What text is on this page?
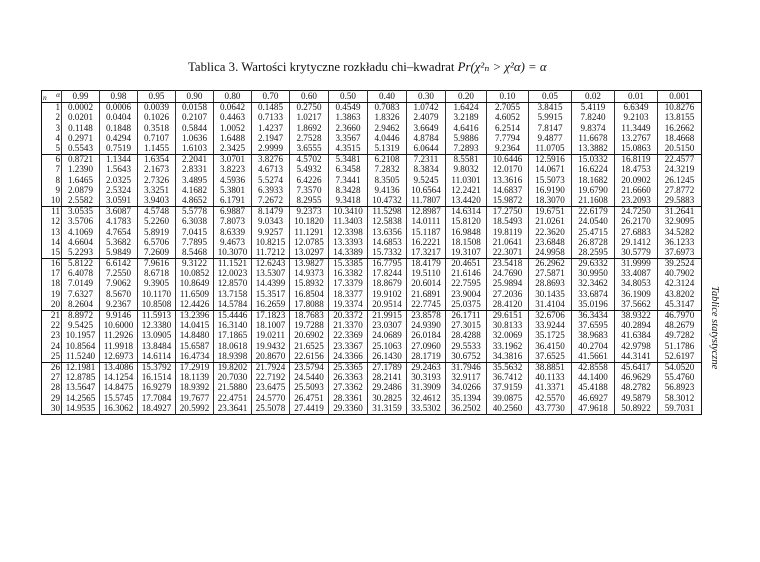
Tablica 3. Wartości krytyczne rozkładu chi–kwadrat Pr(χ²ₙ > χ²α) = α
α
n	0.99	0.98	0.95	0.90	0.80	0.70	0.60	0.50	0.40	0.30	0.20	0.10	0.05	0.02	0.01	0.001
1	0.0002	0.0006	0.0039	0.0158	0.0642	0.1485	0.2750	0.4549	0.7083	1.0742	1.6424	2.7055	3.8415	5.4119	6.6349	10.8276
2	0.0201	0.0404	0.1026	0.2107	0.4463	0.7133	1.0217	1.3863	1.8326	2.4079	3.2189	4.6052	5.9915	7.8240	9.2103	13.8155
3	0.1148	0.1848	0.3518	0.5844	1.0052	1.4237	1.8692	2.3660	2.9462	3.6649	4.6416	6.2514	7.8147	9.8374	11.3449	16.2662
4	0.2971	0.4294	0.7107	1.0636	1.6488	2.1947	2.7528	3.3567	4.0446	4.8784	5.9886	7.7794	9.4877	11.6678	13.2767	18.4668
5	0.5543	0.7519	1.1455	1.6103	2.3425	2.9999	3.6555	4.3515	5.1319	6.0644	7.2893	9.2364	11.0705	13.3882	15.0863	20.5150
6	0.8721	1.1344	1.6354	2.2041	3.0701	3.8276	4.5702	5.3481	6.2108	7.2311	8.5581	10.6446	12.5916	15.0332	16.8119	22.4577
7	1.2390	1.5643	2.1673	2.8331	3.8223	4.6713	5.4932	6.3458	7.2832	8.3834	9.8032	12.0170	14.0671	16.6224	18.4753	24.3219
8	1.6465	2.0325	2.7326	3.4895	4.5936	5.5274	6.4226	7.3441	8.3505	9.5245	11.0301	13.3616	15.5073	18.1682	20.0902	26.1245
9	2.0879	2.5324	3.3251	4.1682	5.3801	6.3933	7.3570	8.3428	9.4136	10.6564	12.2421	14.6837	16.9190	19.6790	21.6660	27.8772
10	2.5582	3.0591	3.9403	4.8652	6.1791	7.2672	8.2955	9.3418	10.4732	11.7807	13.4420	15.9872	18.3070	21.1608	23.2093	29.5883
11	3.0535	3.6087	4.5748	5.5778	6.9887	8.1479	9.2373	10.3410	11.5298	12.8987	14.6314	17.2750	19.6751	22.6179	24.7250	31.2641
12	3.5706	4.1783	5.2260	6.3038	7.8073	9.0343	10.1820	11.3403	12.5838	14.0111	15.8120	18.5493	21.0261	24.0540	26.2170	32.9095
13	4.1069	4.7654	5.8919	7.0415	8.6339	9.9257	11.1291	12.3398	13.6356	15.1187	16.9848	19.8119	22.3620	25.4715	27.6883	34.5282
14	4.6604	5.3682	6.5706	7.7895	9.4673	10.8215	12.0785	13.3393	14.6853	16.2221	18.1508	21.0641	23.6848	26.8728	29.1412	36.1233
15	5.2293	5.9849	7.2609	8.5468	10.3070	11.7212	13.0297	14.3389	15.7332	17.3217	19.3107	22.3071	24.9958	28.2595	30.5779	37.6973
16	5.8122	6.6142	7.9616	9.3122	11.1521	12.6243	13.9827	15.3385	16.7795	18.4179	20.4651	23.5418	26.2962	29.6332	31.9999	39.2524
17	6.4078	7.2550	8.6718	10.0852	12.0023	13.5307	14.9373	16.3382	17.8244	19.5110	21.6146	24.7690	27.5871	30.9950	33.4087	40.7902
18	7.0149	7.9062	9.3905	10.8649	12.8570	14.4399	15.8932	17.3379	18.8679	20.6014	22.7595	25.9894	28.8693	32.3462	34.8053	42.3124
19	7.6327	8.5670	10.1170	11.6509	13.7158	15.3517	16.8504	18.3377	19.9102	21.6891	23.9004	27.2036	30.1435	33.6874	36.1909	43.8202
20	8.2604	9.2367	10.8508	12.4426	14.5784	16.2659	17.8088	19.3374	20.9514	22.7745	25.0375	28.4120	31.4104	35.0196	37.5662	45.3147
21	8.8972	9.9146	11.5913	13.2396	15.4446	17.1823	18.7683	20.3372	21.9915	23.8578	26.1711	29.6151	32.6706	36.3434	38.9322	46.7970
22	9.5425	10.6000	12.3380	14.0415	16.3140	18.1007	19.7288	21.3370	23.0307	24.9390	27.3015	30.8133	33.9244	37.6595	40.2894	48.2679
23	10.1957	11.2926	13.0905	14.8480	17.1865	19.0211	20.6902	22.3369	24.0689	26.0184	28.4288	32.0069	35.1725	38.9683	41.6384	49.7282
24	10.8564	11.9918	13.8484	15.6587	18.0618	19.9432	21.6525	23.3367	25.1063	27.0960	29.5533	33.1962	36.4150	40.2704	42.9798	51.1786
25	11.5240	12.6973	14.6114	16.4734	18.9398	20.8670	22.6156	24.3366	26.1430	28.1719	30.6752	34.3816	37.6525	41.5661	44.3141	52.6197
26	12.1981	13.4086	15.3792	17.2919	19.8202	21.7924	23.5794	25.3365	27.1789	29.2463	31.7946	35.5632	38.8851	42.8558	45.6417	54.0520
27	12.8785	14.1254	16.1514	18.1139	20.7030	22.7192	24.5440	26.3363	28.2141	30.3193	32.9117	36.7412	40.1133	44.1400	46.9629	55.4760
28	13.5647	14.8475	16.9279	18.9392	21.5880	23.6475	25.5093	27.3362	29.2486	31.3909	34.0266	37.9159	41.3371	45.4188	48.2782	56.8923
29	14.2565	15.5745	17.7084	19.7677	22.4751	24.5770	26.4751	28.3361	30.2825	32.4612	35.1394	39.0875	42.5570	46.6927	49.5879	58.3012
30	14.9535	16.3062	18.4927	20.5992	23.3641	25.5078	27.4419	29.3360	31.3159	33.5302	36.2502	40.2560	43.7730	47.9618	50.8922	59.7031
Tablice statystyczne
